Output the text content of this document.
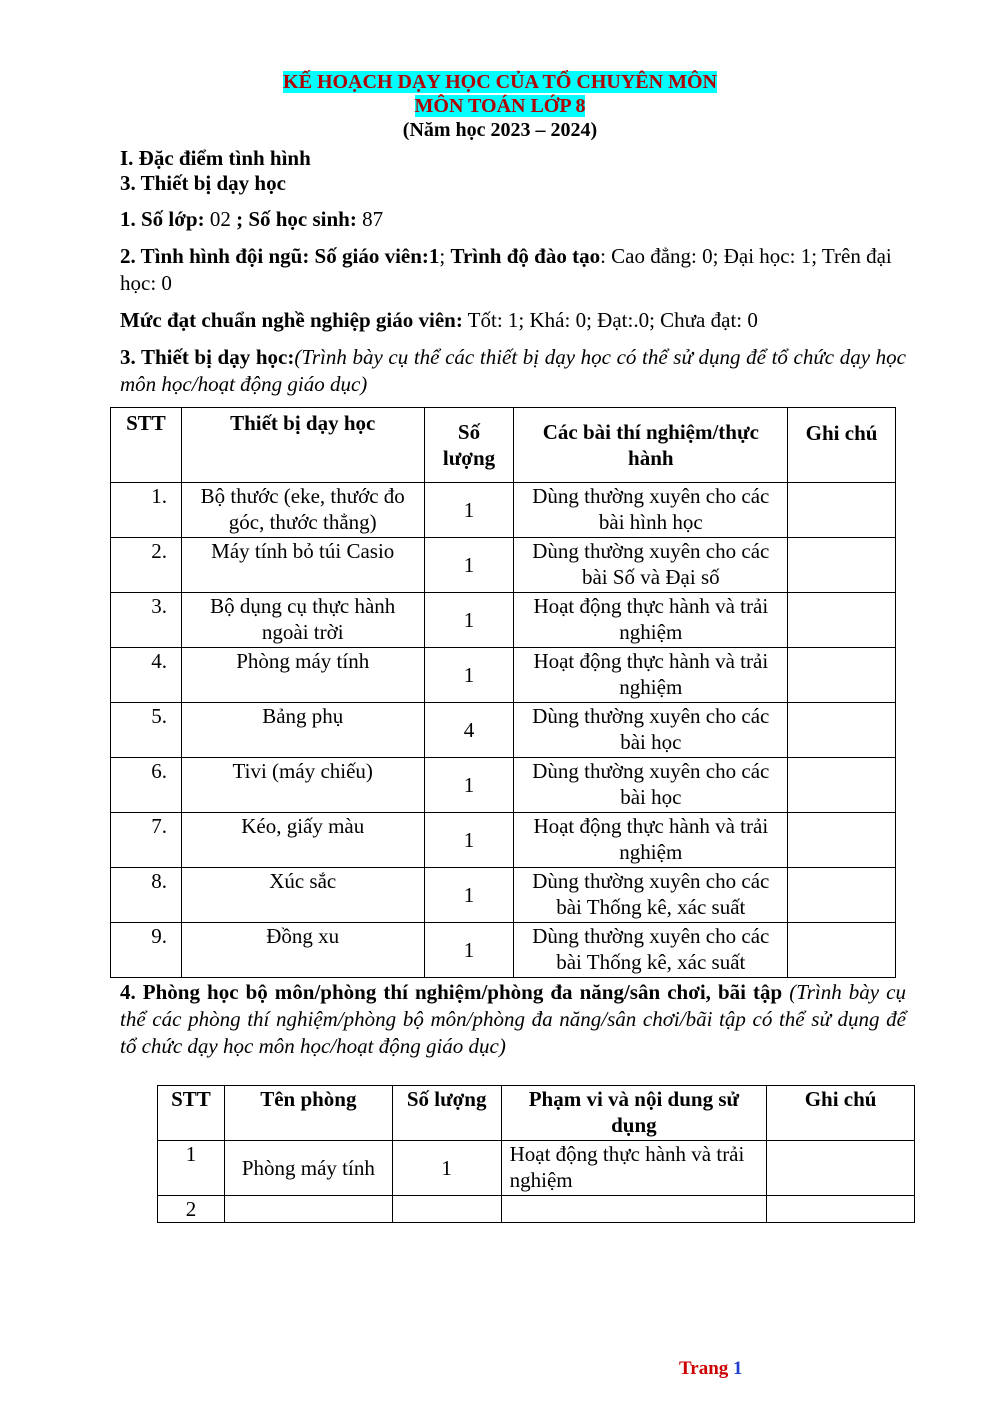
KẾ HOẠCH DẠY HỌC CỦA TỔ CHUYÊN MÔN
MÔN TOÁN LỚP 8
(Năm học 2023 – 2024)

I. Đặc điểm tình hình

3. Thiết bị dạy học

1. Số lớp: 02 ; Số học sinh: 87

2. Tình hình đội ngũ: Số giáo viên:1; Trình độ đào tạo: Cao đẳng: 0; Đại học: 1; Trên đại học: 0

Mức đạt chuẩn nghề nghiệp giáo viên: Tốt: 1; Khá: 0; Đạt:.0; Chưa đạt: 0

3. Thiết bị dạy học:(Trình bày cụ thể các thiết bị dạy học có thể sử dụng để tổ chức dạy học môn học/hoạt động giáo dục)

STT	Thiết bị dạy học	Số lượng	Các bài thí nghiệm/thực hành	Ghi chú
1.	Bộ thước (eke, thước đo góc, thước thẳng)	1	Dùng thường xuyên cho các bài hình học	
2.	Máy tính bỏ túi Casio	1	Dùng thường xuyên cho các bài Số và Đại số	
3.	Bộ dụng cụ thực hành ngoài trời	1	Hoạt động thực hành và trải nghiệm	
4.	Phòng máy tính	1	Hoạt động thực hành và trải nghiệm	
5.	Bảng phụ	4	Dùng thường xuyên cho các bài học	
6.	Tivi (máy chiếu)	1	Dùng thường xuyên cho các bài học	
7.	Kéo, giấy màu	1	Hoạt động thực hành và trải nghiệm	
8.	Xúc sắc	1	Dùng thường xuyên cho các bài Thống kê, xác suất	
9.	Đồng xu	1	Dùng thường xuyên cho các bài Thống kê, xác suất	

4. Phòng học bộ môn/phòng thí nghiệm/phòng đa năng/sân chơi, bãi tập (Trình bày cụ thể các phòng thí nghiệm/phòng bộ môn/phòng đa năng/sân chơi/bãi tập có thể sử dụng để tổ chức dạy học môn học/hoạt động giáo dục)

STT	Tên phòng	Số lượng	Phạm vi và nội dung sử dụng	Ghi chú
1	Phòng máy tính	1	Hoạt động thực hành và trải nghiệm	
2				
Trang 1
